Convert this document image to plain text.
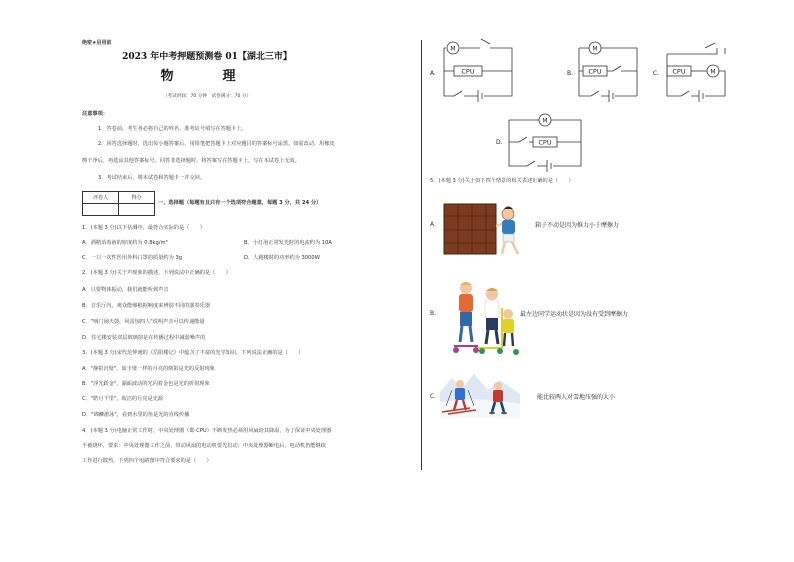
绝密★启用前
2023 年中考押题预测卷 01【湖北三市】
物　理
（考试时间：70 分钟　试卷满分：70 分）
注意事项：
1．答卷前，考生务必将自己的姓名、准考证号填写在答题卡上。
2．回答选择题时，选出每小题答案后，用铅笔把答题卡上对应题目的答案标号涂黑。如需改动，用橡皮
擦干净后，再选涂其他答案标号。回答非选择题时，将答案写在答题卡上。写在本试卷上无效。
3．考试结束后，将本试卷和答题卡一并交回。
评卷人	得分

一、选择题（每题有且只有一个选项符合题意，每题 3 分，共 24 分）
1．(本题 3 分)以下估测中，最符合实际的是（　　）
A．酒精消毒液的密度约为 0.8kg/m³	B．小灯泡正常发光时的电流约为 10A
C．一只一次性医用外科口罩的质量约为 3g	D．人跑楼时的功率约为 3000W
2．(本题 3 分)关于声现象的描述，下列说法中正确的是（　　）
A．只要物体振动，我们就能听到声音
B．音乐厅内，观众能够根据响度来辨别不同的演奏乐器
C．"响门闹天鼓，风雷惊四人"说明声音可以传递能量
D．住宅楼安装双层玻璃窗是在传播过程中减弱噪声的
3．(本题 3 分)宋代范仲淹的《岳阳楼记》中蕴含了丰富的光学知识，下列说法正确的是（　　）
A．"静影沉璧"，如玉璧一样的月亮的倒影是光的反射现象
B．"浮光跃金"，湖面波动的光闪着金色是光的折射现象
C．"皓月千里"，皎洁的月亮是光源
D．"锦鳞游泳"，看到水里的鱼是光的直线传播
4．(本题 3 分)电脑正常工作时，中央处理器（即 CPU）不断发热必须用风扇给其降温，为了保证中央处理器
不被烧坏，要求：中央处理器工作之前，带动风扇的电动机要先启动；中央处理器断电后，电动机仍能继续
工作进行散热，下列四个电路图中符合要求的是（　　）
A.
M
CPU	B.
M
CPU	C. CPU	M
D.
M
CPU
5．(本题 3 分)关于如下四个情景的相关表述正确的是（　　）
A．	箱子不动是因为推力小于摩擦力
B．	最左边同学运动状是因为没有受到摩擦力
C．	能比较两人对雪地压强的大小
